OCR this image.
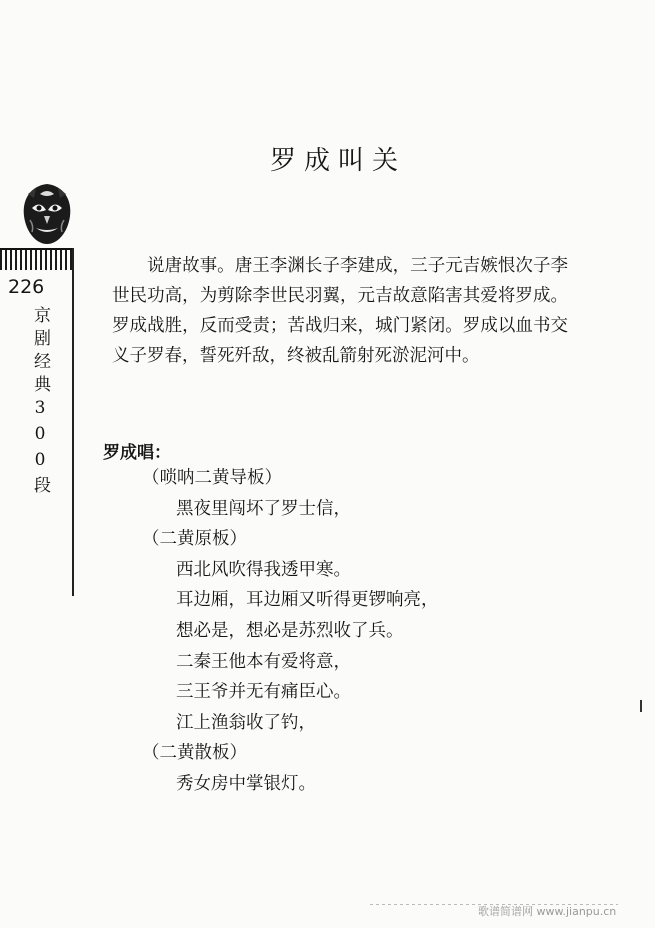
罗成叫关
226
京剧经典300段

说唐故事。唐王李渊长子李建成，三子元吉嫉恨次子李世民功高，为剪除李世民羽翼，元吉故意陷害其爱将罗成。罗成战胜，反而受责；苦战归来，城门紧闭。罗成以血书交义子罗春，誓死歼敌，终被乱箭射死淤泥河中。

罗成唱：
（唢呐二黄导板）
黑夜里闯坏了罗士信，
（二黄原板）
西北风吹得我透甲寒。
耳边厢，耳边厢又听得更锣响亮，
想必是，想必是苏烈收了兵。
二秦王他本有爱将意，
三王爷并无有痛臣心。
江上渔翁收了钓，
（二黄散板）
秀女房中掌银灯。
歌谱简谱网 www.jianpu.cn
